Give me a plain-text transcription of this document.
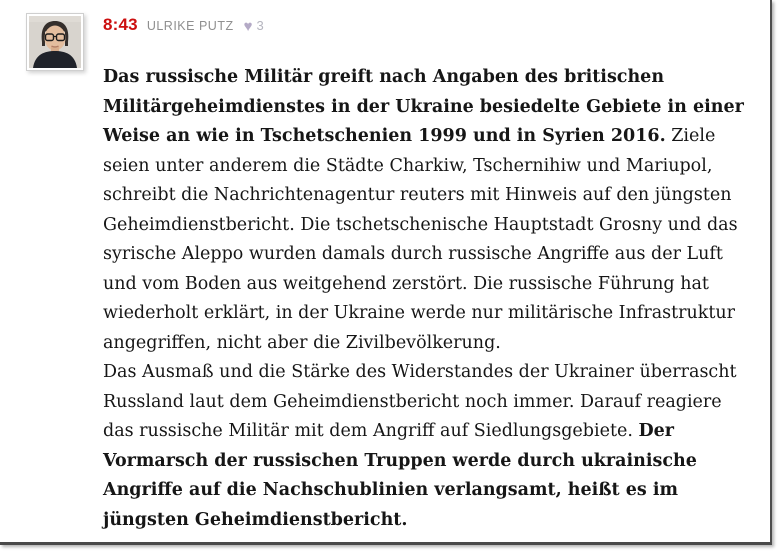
8:43 ULRIKE PUTZ ♥ 3
Das russische Militär greift nach Angaben des britischen Militärgeheimdienstes in der Ukraine besiedelte Gebiete in einer Weise an wie in Tschetschenien 1999 und in Syrien 2016. Ziele seien unter anderem die Städte Charkiw, Tschernihiw und Mariupol, schreibt die Nachrichtenagentur reuters mit Hinweis auf den jüngsten Geheimdienstbericht. Die tschetschenische Hauptstadt Grosny und das syrische Aleppo wurden damals durch russische Angriffe aus der Luft und vom Boden aus weitgehend zerstört. Die russische Führung hat wiederholt erklärt, in der Ukraine werde nur militärische Infrastruktur angegriffen, nicht aber die Zivilbevölkerung.
Das Ausmaß und die Stärke des Widerstandes der Ukrainer überrascht Russland laut dem Geheimdienstbericht noch immer. Darauf reagiere das russische Militär mit dem Angriff auf Siedlungsgebiete. Der Vormarsch der russischen Truppen werde durch ukrainische Angriffe auf die Nachschublinien verlangsamt, heißt es im jüngsten Geheimdienstbericht.
